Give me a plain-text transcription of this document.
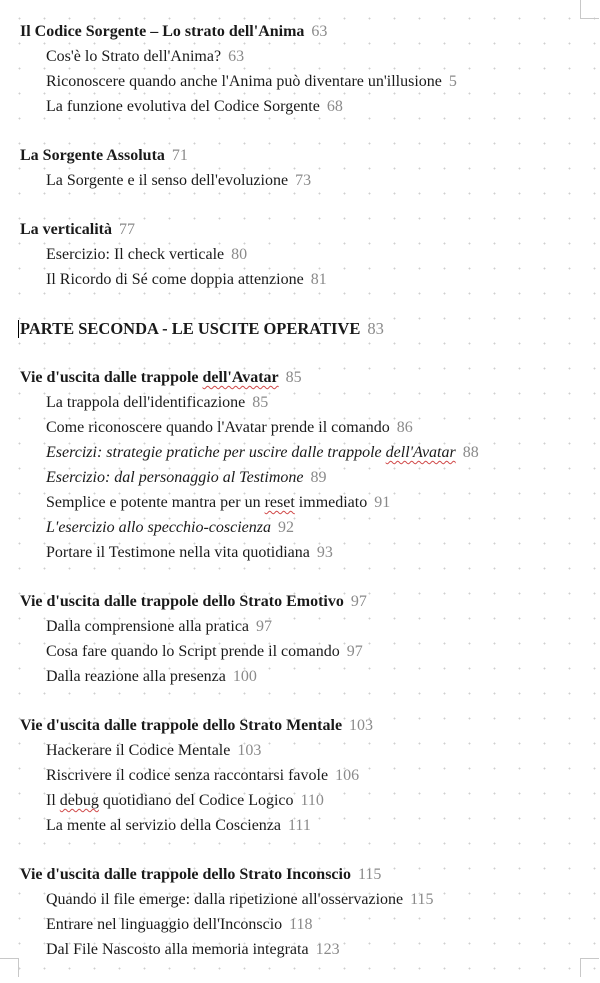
Il Codice Sorgente – Lo strato dell'Anima 63
Cos'è lo Strato dell'Anima? 63
Riconoscere quando anche l'Anima può diventare un'illusione 5
La funzione evolutiva del Codice Sorgente 68
La Sorgente Assoluta 71
La Sorgente e il senso dell'evoluzione 73
La verticalità 77
Esercizio: Il check verticale 80
Il Ricordo di Sé come doppia attenzione 81
PARTE SECONDA - LE USCITE OPERATIVE 83
Vie d'uscita dalle trappole dell'Avatar 85
La trappola dell'identificazione 85
Come riconoscere quando l'Avatar prende il comando 86
Esercizi: strategie pratiche per uscire dalle trappole dell'Avatar 88
Esercizio: dal personaggio al Testimone 89
Semplice e potente mantra per un reset immediato 91
L'esercizio allo specchio-coscienza 92
Portare il Testimone nella vita quotidiana 93
Vie d'uscita dalle trappole dello Strato Emotivo 97
Dalla comprensione alla pratica 97
Cosa fare quando lo Script prende il comando 97
Dalla reazione alla presenza 100
Vie d'uscita dalle trappole dello Strato Mentale 103
Hackerare il Codice Mentale 103
Riscrivere il codice senza raccontarsi favole 106
Il debug quotidiano del Codice Logico 110
La mente al servizio della Coscienza 111
Vie d'uscita dalle trappole dello Strato Inconscio 115
Quando il file emerge: dalla ripetizione all'osservazione 115
Entrare nel linguaggio dell'Inconscio 118
Dal File Nascosto alla memoria integrata 123
